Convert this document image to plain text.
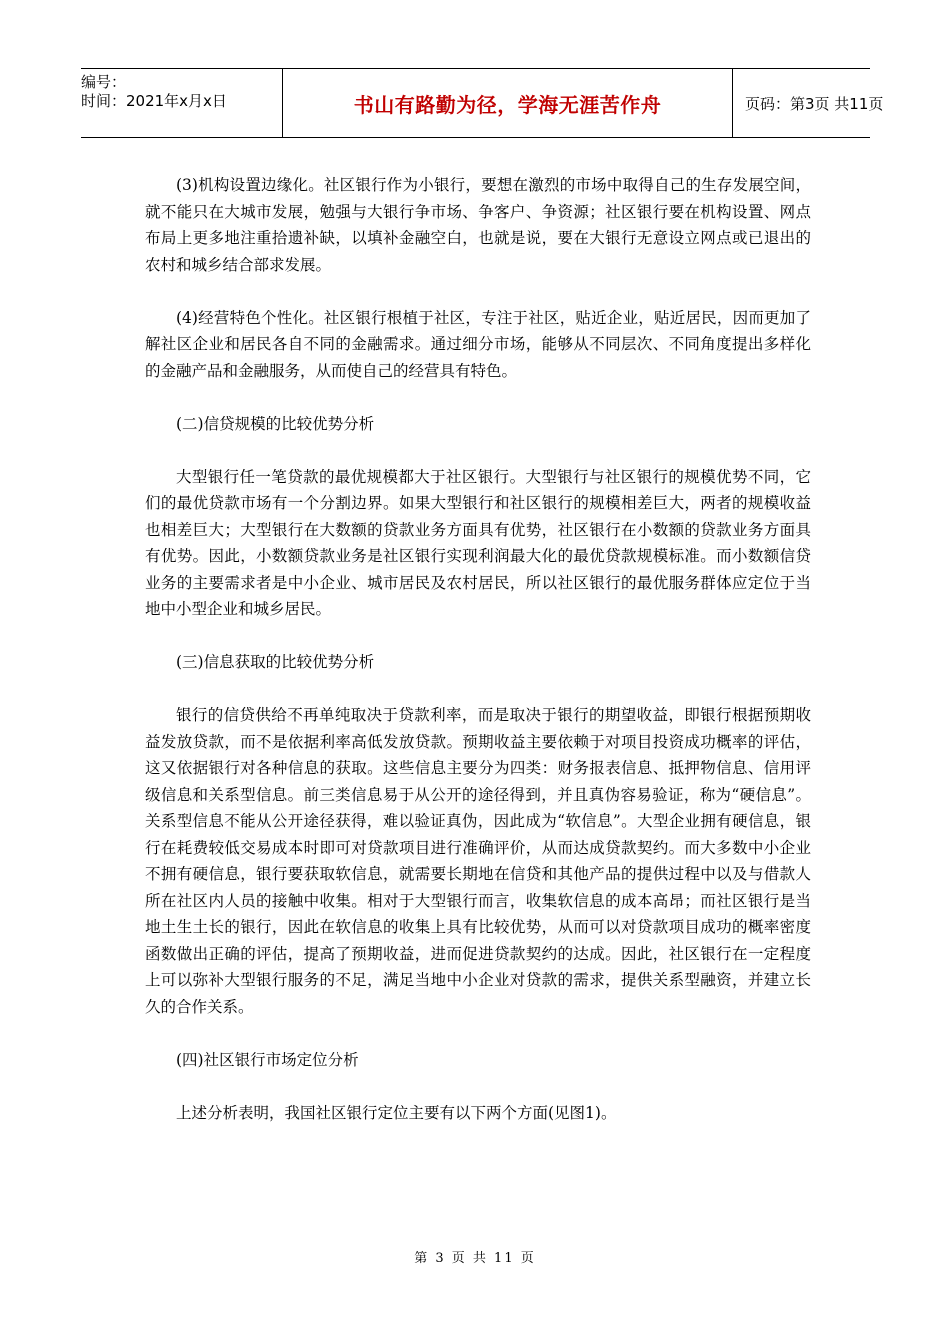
编号：
时间：2021年x月x日	书山有路勤为径，学海无涯苦作舟	页码：第3页 共11页

(3)机构设置边缘化。社区银行作为小银行，要想在激烈的市场中取得自己的生存发展空间，就不能只在大城市发展，勉强与大银行争市场、争客户、争资源；社区银行要在机构设置、网点布局上更多地注重拾遗补缺，以填补金融空白，也就是说，要在大银行无意设立网点或已退出的农村和城乡结合部求发展。

(4)经营特色个性化。社区银行根植于社区，专注于社区，贴近企业，贴近居民，因而更加了解社区企业和居民各自不同的金融需求。通过细分市场，能够从不同层次、不同角度提出多样化的金融产品和金融服务，从而使自己的经营具有特色。

(二)信贷规模的比较优势分析

大型银行任一笔贷款的最优规模都大于社区银行。大型银行与社区银行的规模优势不同，它们的最优贷款市场有一个分割边界。如果大型银行和社区银行的规模相差巨大，两者的规模收益也相差巨大；大型银行在大数额的贷款业务方面具有优势，社区银行在小数额的贷款业务方面具有优势。因此，小数额贷款业务是社区银行实现利润最大化的最优贷款规模标准。而小数额信贷业务的主要需求者是中小企业、城市居民及农村居民，所以社区银行的最优服务群体应定位于当地中小型企业和城乡居民。

(三)信息获取的比较优势分析

银行的信贷供给不再单纯取决于贷款利率，而是取决于银行的期望收益，即银行根据预期收益发放贷款，而不是依据利率高低发放贷款。预期收益主要依赖于对项目投资成功概率的评估，这又依据银行对各种信息的获取。这些信息主要分为四类：财务报表信息、抵押物信息、信用评级信息和关系型信息。前三类信息易于从公开的途径得到，并且真伪容易验证，称为“硬信息”。关系型信息不能从公开途径获得，难以验证真伪，因此成为“软信息”。大型企业拥有硬信息，银行在耗费较低交易成本时即可对贷款项目进行准确评价，从而达成贷款契约。而大多数中小企业不拥有硬信息，银行要获取软信息，就需要长期地在信贷和其他产品的提供过程中以及与借款人所在社区内人员的接触中收集。相对于大型银行而言，收集软信息的成本高昂；而社区银行是当地土生土长的银行，因此在软信息的收集上具有比较优势，从而可以对贷款项目成功的概率密度函数做出正确的评估，提高了预期收益，进而促进贷款契约的达成。因此，社区银行在一定程度上可以弥补大型银行服务的不足，满足当地中小企业对贷款的需求，提供关系型融资，并建立长久的合作关系。

(四)社区银行市场定位分析

上述分析表明，我国社区银行定位主要有以下两个方面(见图1)。

第 3 页 共 11 页
